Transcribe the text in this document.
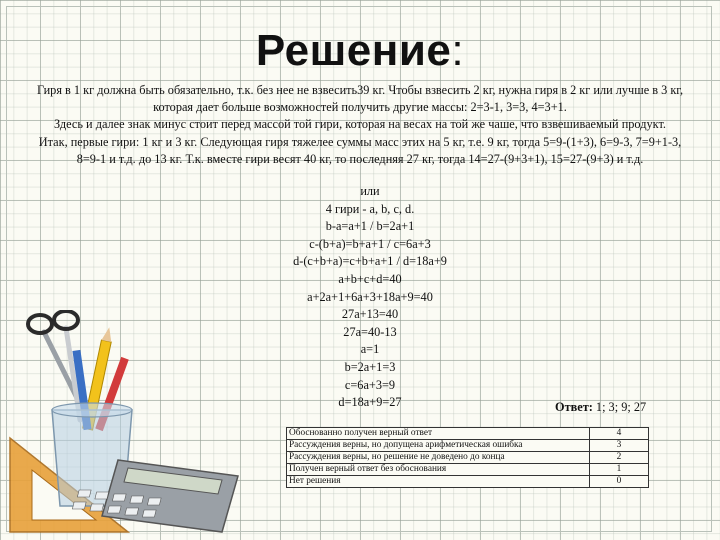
Решение:

Гиря в 1 кг должна быть обязательно, т.к. без нее не взвесить39 кг. Чтобы взвесить 2 кг, нужна гиря в 2 кг или лучше в 3 кг, которая дает больше возможностей получить другие массы: 2=3-1, 3=3, 4=3+1.

Здесь и далее знак минус стоит перед массой той гири, которая на весах на той же чаше, что взвешиваемый продукт.

Итак, первые гири: 1 кг и 3 кг. Следующая гиря тяжелее суммы масс этих на 5 кг, т.е. 9 кг, тогда 5=9-(1+3), 6=9-3, 7=9+1-3, 8=9-1 и т.д. до 13 кг. Т.к. вместе гири весят 40 кг, то последняя 27 кг, тогда 14=27-(9+3+1), 15=27-(9+3) и т.д.

или
4 гири - a, b, c, d.
b-a=a+1 / b=2a+1
c-(b+a)=b+a+1 / c=6a+3
d-(c+b+a)=c+b+a+1 / d=18a+9
a+b+c+d=40
a+2a+1+6a+3+18a+9=40
27a+13=40
27a=40-13
a=1
b=2a+1=3
c=6a+3=9
d=18a+9=27	Ответ: 1; 3; 9; 27
Обоснованно получен верный ответ	4
Рассуждения верны, но допущена арифметическая ошибка	3
Рассуждения верны, но решение не доведено до конца	2
Получен верный ответ без обоснования	1
Нет решения	0
